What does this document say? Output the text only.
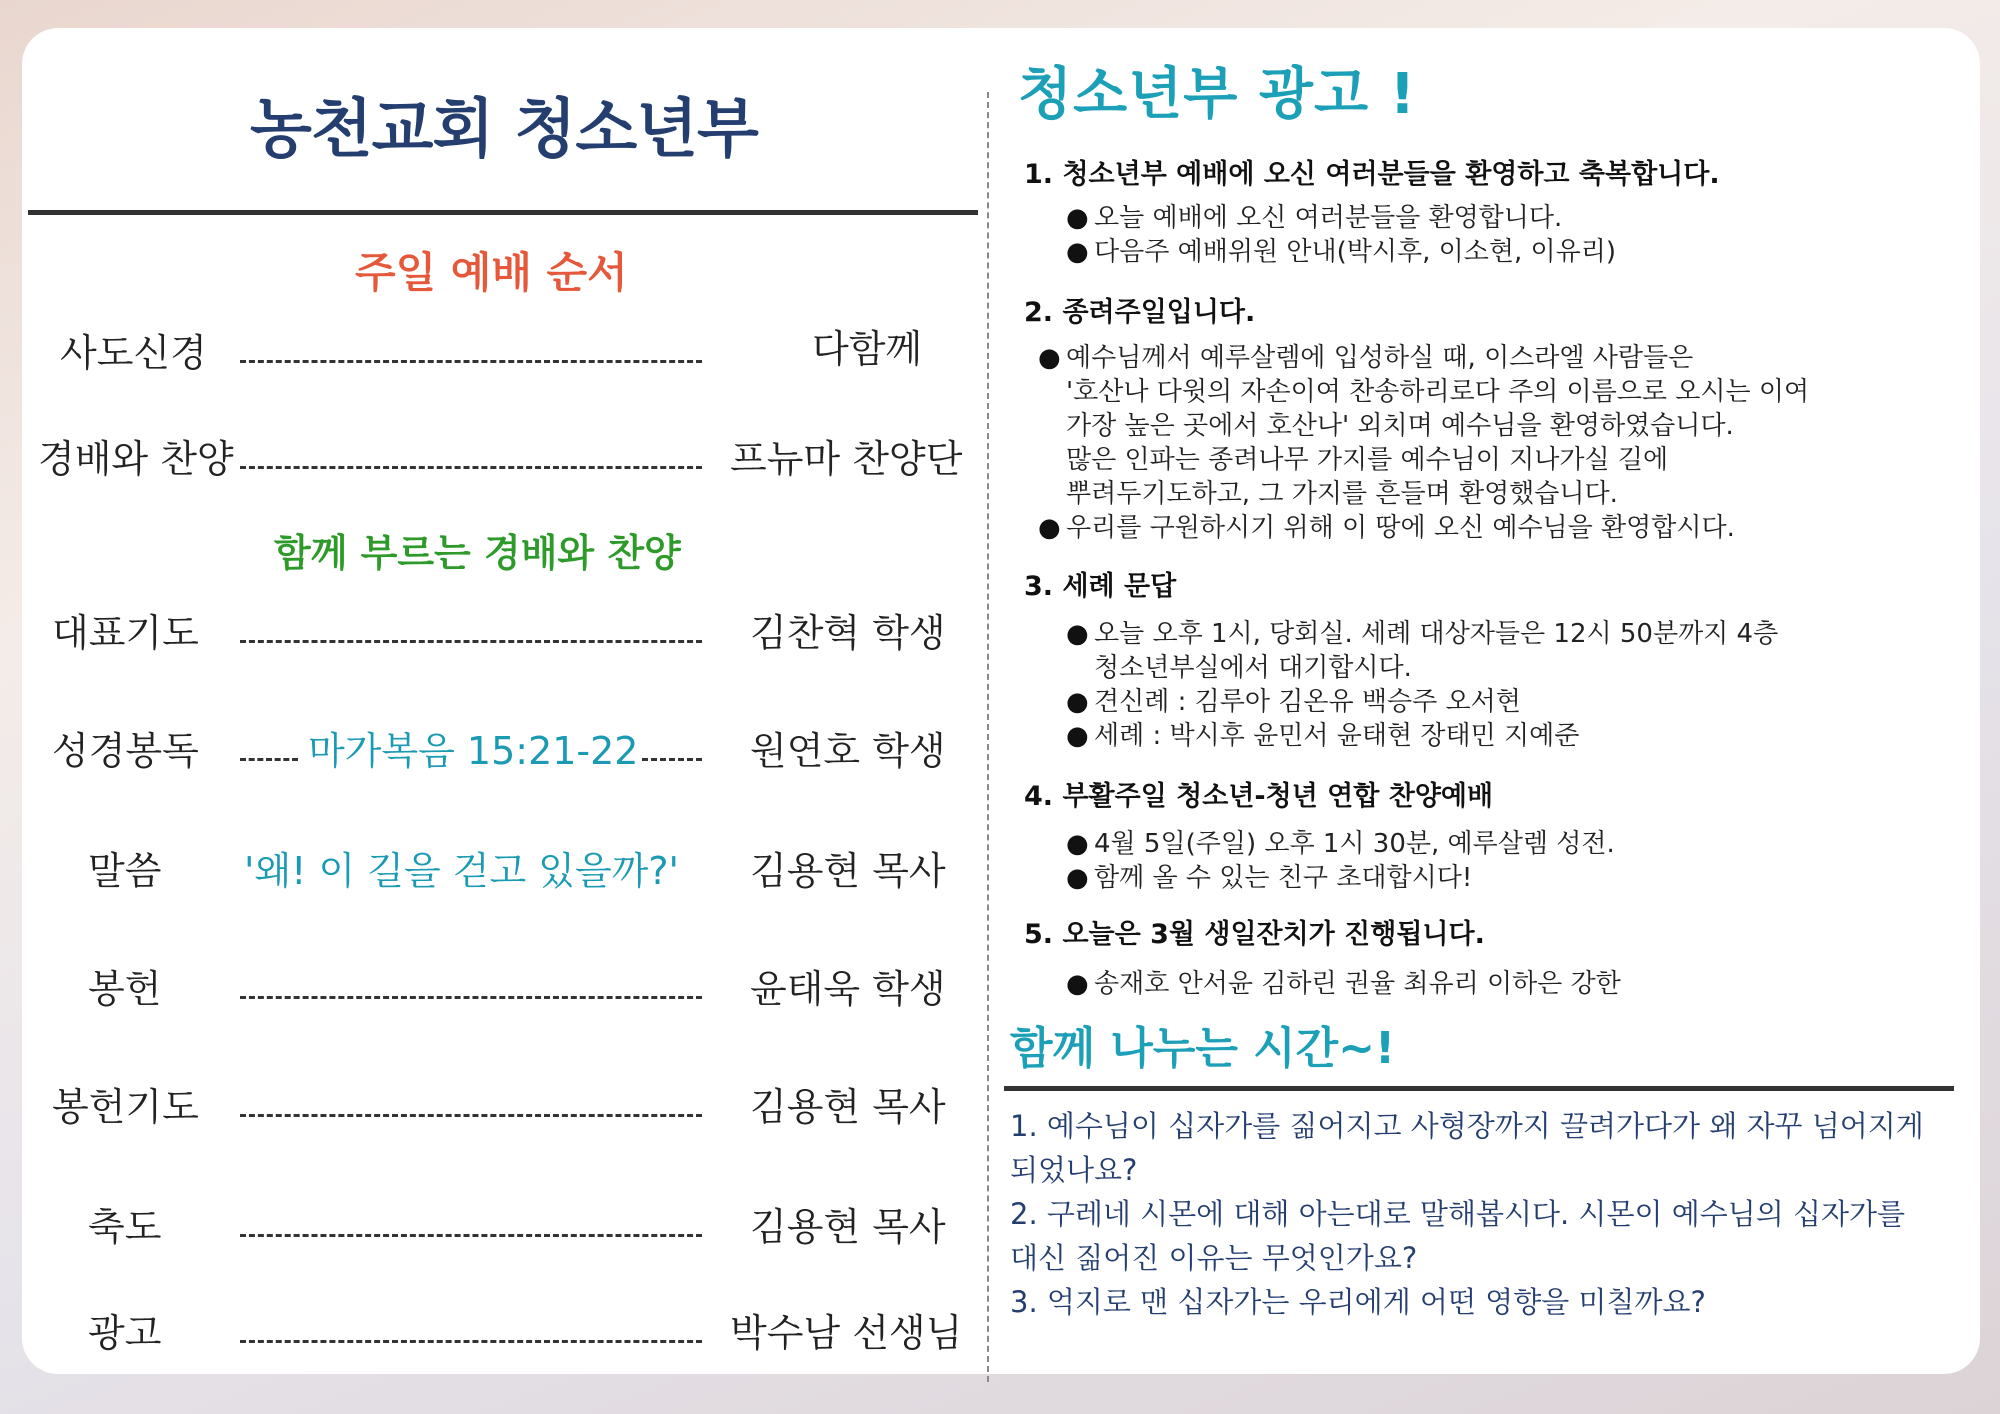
농천교회 청소년부
주일 예배 순서
사도신경	다함께
경배와 찬양	프뉴마 찬양단
함께 부르는 경배와 찬양
대표기도	김찬혁 학생
성경봉독	마가복음 15:21-22	원연호 학생
말씀 '왜! 이 길을 걷고 있을까?' 김용현 목사
봉헌	윤태욱 학생
봉헌기도	김용현 목사
축도	김용현 목사
광고	박수남 선생님
청소년부 광고 !

1. 청소년부 예배에 오신 여러분들을 환영하고 축복합니다.

● 오늘 예배에 오신 여러분들을 환영합니다.
● 다음주 예배위원 안내(박시후, 이소현, 이유리)

2. 종려주일입니다.

● 예수님께서 예루살렘에 입성하실 때, 이스라엘 사람들은
'호산나 다윗의 자손이여 찬송하리로다 주의 이름으로 오시는 이여
가장 높은 곳에서 호산나' 외치며 예수님을 환영하였습니다.
많은 인파는 종려나무 가지를 예수님이 지나가실 길에
뿌려두기도하고, 그 가지를 흔들며 환영했습니다.
● 우리를 구원하시기 위해 이 땅에 오신 예수님을 환영합시다.

3. 세례 문답

● 오늘 오후 1시, 당회실. 세례 대상자들은 12시 50분까지 4층
청소년부실에서 대기합시다.
● 견신례 : 김루아 김온유 백승주 오서현
● 세례 : 박시후 윤민서 윤태현 장태민 지예준

4. 부활주일 청소년-청년 연합 찬양예배

● 4월 5일(주일) 오후 1시 30분, 예루살렘 성전.
● 함께 올 수 있는 친구 초대합시다!

5. 오늘은 3월 생일잔치가 진행됩니다.

● 송재호 안서윤 김하린 권율 최유리 이하은 강한
함께 나누는 시간~!
1. 예수님이 십자가를 짊어지고 사형장까지 끌려가다가 왜 자꾸 넘어지게
되었나요?
2. 구레네 시몬에 대해 아는대로 말해봅시다. 시몬이 예수님의 십자가를
대신 짊어진 이유는 무엇인가요?
3. 억지로 맨 십자가는 우리에게 어떤 영향을 미칠까요?
